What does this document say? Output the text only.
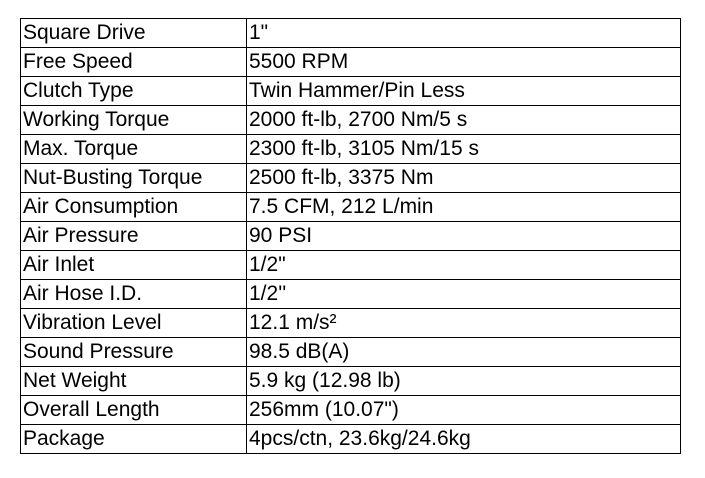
Square Drive	1"
Free Speed	5500 RPM
Clutch Type	Twin Hammer/Pin Less
Working Torque	2000 ft-lb, 2700 Nm/5 s
Max. Torque	2300 ft-lb, 3105 Nm/15 s
Nut-Busting Torque	2500 ft-lb, 3375 Nm
Air Consumption	7.5 CFM, 212 L/min
Air Pressure	90 PSI
Air Inlet	1/2"
Air Hose I.D.	1/2''
Vibration Level	12.1 m/s²
Sound Pressure	98.5 dB(A)
Net Weight	5.9 kg (12.98 lb)
Overall Length	256mm (10.07")
Package	4pcs/ctn, 23.6kg/24.6kg
